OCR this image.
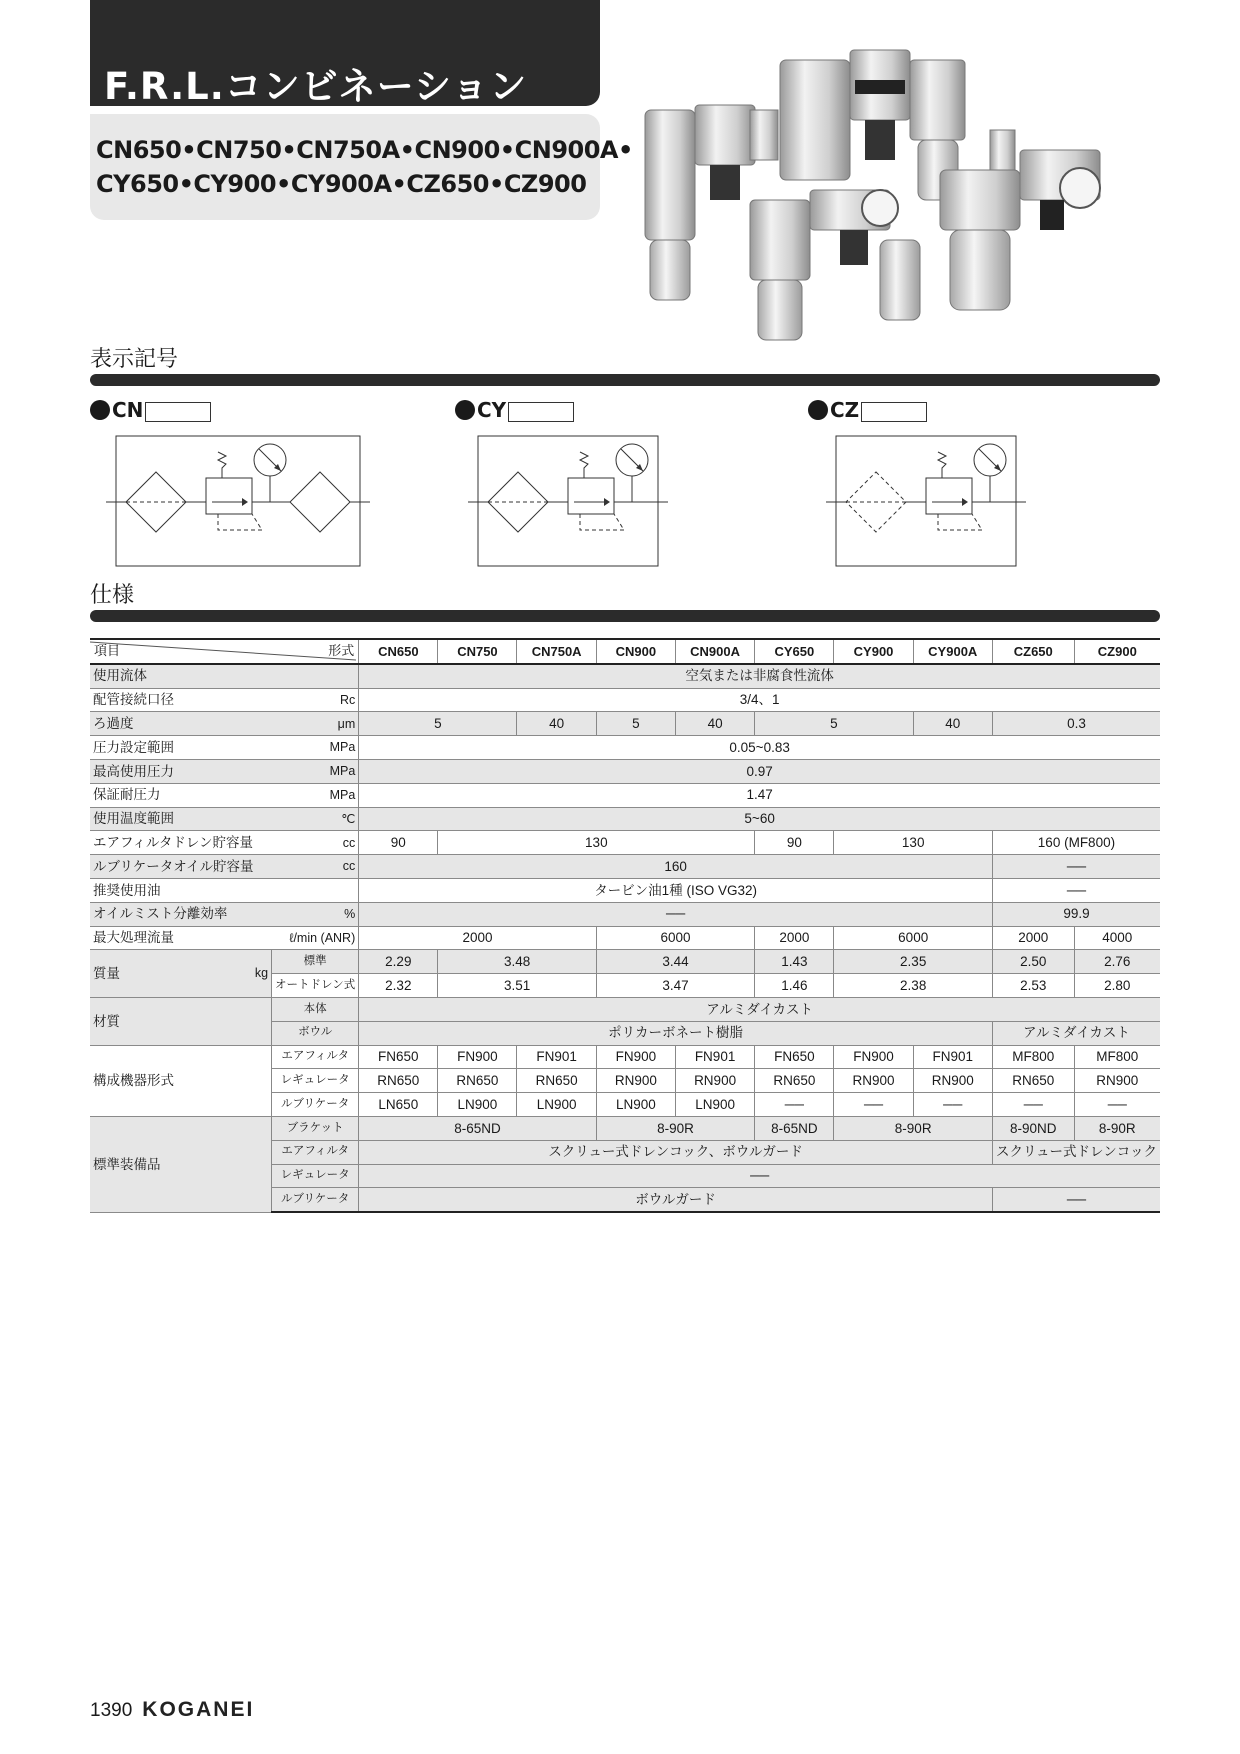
F.R.L.コンビネーション
CN650•CN750•CN750A•CN900•CN900A•
CY650•CY900•CY900A•CZ650•CZ900
表示記号
CN	CY	CZ
仕様
項目 形式		CN650	CN750	CN750A	CN900	CN900A	CY650	CY900	CY900A	CZ650	CZ900
使用流体		空気または非腐食性流体									
配管接続口径	Rc	3/4、1									
ろ過度	μm	5		40	5	40	5		40	0.3	
圧力設定範囲	MPa	0.05~0.83									
最高使用圧力	MPa	0.97									
保証耐圧力	MPa	1.47									
使用温度範囲	℃	5~60									
エアフィルタドレン貯容量	cc	90	130				90	130		160 (MF800)	
ルブリケータオイル貯容量	cc	160								──	
推奨使用油		タービン油1種 (ISO VG32)								──	
オイルミスト分離効率	%	──								99.9	
最大処理流量	ℓ/min (ANR)	2000			6000		2000	6000		2000	4000
質量 kg	標準	2.29	3.48		3.44		1.43	2.35		2.50	2.76
	オートドレン式	2.32	3.51		3.47		1.46	2.38		2.53	2.80
材質	本体	アルミダイカスト									
	ボウル	ポリカーボネート樹脂								アルミダイカスト	
構成機器形式	エアフィルタ	FN650	FN900	FN901	FN900	FN901	FN650	FN900	FN901	MF800	MF800
	レギュレータ	RN650	RN650	RN650	RN900	RN900	RN650	RN900	RN900	RN650	RN900
	ルブリケータ	LN650	LN900	LN900	LN900	LN900	──	──	──	──	──
標準装備品	ブラケット	8-65ND			8-90R		8-65ND	8-90R		8-90ND	8-90R
	エアフィルタ	スクリュー式ドレンコック、ボウルガード								スクリュー式ドレンコック	
	レギュレータ	──									
	ルブリケータ	ボウルガード								──	
1390 KOGANEI
